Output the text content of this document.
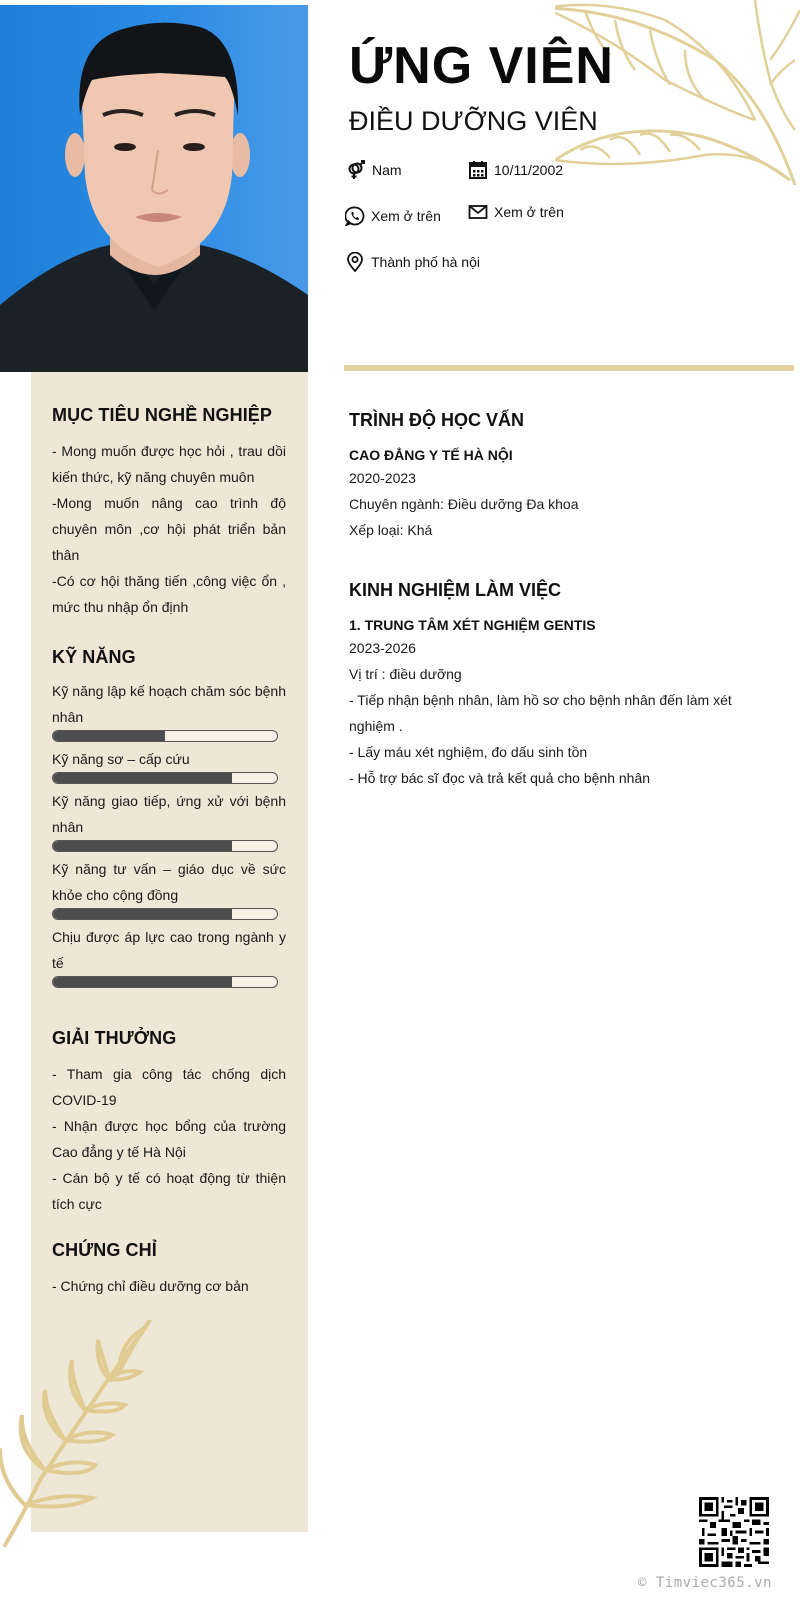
ỨNG VIÊN
ĐIỀU DƯỠNG VIÊN
Nam	10/11/2002
Xem ở trên	Xem ở trên
Thành phố hà nội
MỤC TIÊU NGHỀ NGHIỆP

- Mong muốn được học hỏi , trau dồi kiến thức, kỹ năng chuyên muôn

-Mong muốn nâng cao trình độ chuyên môn ,cơ hội phát triển bản thân

-Có cơ hội thăng tiến ,công việc ổn , mức thu nhập ổn định

KỸ NĂNG
Kỹ năng lập kế hoạch chăm sóc bệnh nhân
Kỹ năng sơ – cấp cứu
Kỹ năng giao tiếp, ứng xử với bệnh nhân
Kỹ năng tư vấn – giáo dục về sức khỏe cho cộng đồng
Chịu được áp lực cao trong ngành y tế
GIẢI THƯỞNG

- Tham gia công tác chống dịch COVID-19

- Nhận được học bổng của trường Cao đẳng y tế Hà Nội

- Cán bộ y tế có hoạt động từ thiện tích cực

CHỨNG CHỈ

- Chứng chỉ điều dưỡng cơ bản

TRÌNH ĐỘ HỌC VẤN
CAO ĐẲNG Y TẾ HÀ NỘI
2020-2023
Chuyên ngành: Điều dưỡng Đa khoa
Xếp loại: Khá
KINH NGHIỆM LÀM VIỆC
1. TRUNG TÂM XÉT NGHIỆM GENTIS
2023-2026
Vị trí : điều dưỡng
- Tiếp nhận bệnh nhân, làm hồ sơ cho bệnh nhân đến làm xét nghiệm .
- Lấy máu xét nghiệm, đo dấu sinh tồn
- Hỗ trợ bác sĩ đọc và trả kết quả cho bệnh nhân
© Timviec365.vn
